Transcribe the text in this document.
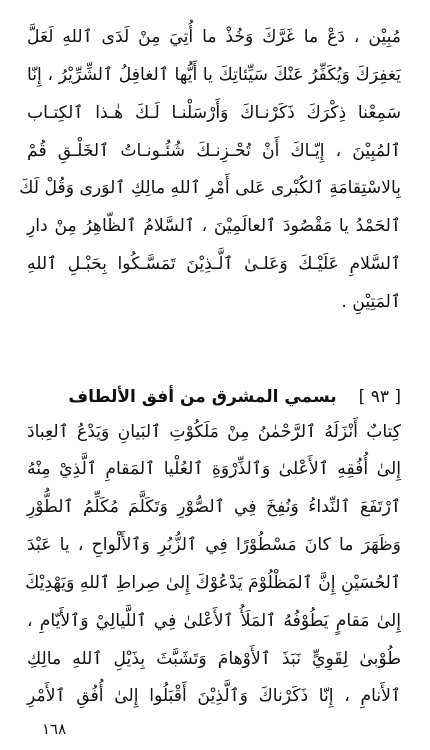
مُبِيْن ، دَعْ ما غَرَّكَ وَخُذْ ما أُتِيَ مِنْ لَدَى ٱللهِ لَعَلَّ
يَغفِرَكَ وَيُكَفِّرُ عَنْكَ سَيِّئاتِكَ يا أَيُّها ٱلغافِلُ ٱلشِّرِّيْرُ ، إِنّا
سَمِعْنا ذِكْرَكَ ذَكَرْنـاكَ وَأَرْسَلْنـا لَـكَ هٰـذا ٱلكِتـاب
ٱلمُبِيْنَ ، إِيّـاكَ أَنْ تُحْـزِنـكَ شُئُـونـاتُ ٱلخَلْـقِ قُمْ
بِالاسْتِقامَةِ ٱلكُبْرى عَلى أَمْرِ ٱللهِ مالِكِ ٱلوَرى وَقُلْ لَكَ
ٱلحَمْدُ يا مَقْصُودَ ٱلعالَمِيْنَ ، ٱلسَّلامُ ٱلظّاهِرُ مِنْ دارِ
ٱلسَّلامِ عَلَيْـكَ وَعَلـىٰ ٱلَّـذِيْنَ تَمَسَّـكُوا بِحَبْـلِ ٱللهِ
ٱلمَتِيْنِ .
[ ٩٣ ]بسمي المشرق من أفق الألطاف
كِتابٌ أَنْزَلَهُ ٱلرَّحْمٰنُ مِنْ مَلَكُوْتِ ٱلبَيانِ وَيَدْعُ ٱلعِبادَ
إِلىٰ أُفُقِهِ ٱلأَعْلىٰ وَٱلذِّرْوَةِ ٱلعُلْيا ٱلمَقامِ ٱلَّذِيْ مِنْهُ
ٱرْتَفَعَ ٱلنِّداءُ وَنُفِخَ فِي ٱلصُّوْرِ وَتَكَلَّمَ مُكَلِّمُ ٱلطُّوْرِ
وَظَهَرَ ما كانَ مَسْطُوْرًا فِي ٱلزُّبُرِ وَٱلأَلْواحِ ، يا عَبْدَ
ٱلحُسَيْنِ إِنَّ ٱلمَظْلُوْمَ يَدْعُوْكَ إِلىٰ صِراطِ ٱللهِ وَيَهْدِيْكَ
إِلىٰ مَقامٍ يَطُوْفُهُ ٱلمَلَأُ ٱلأَعْلىٰ فِي ٱللَّيالِيْ وَٱلأَيّامِ ،
طُوْبىٰ لِقَوِيٍّ نَبَذَ ٱلأَوْهامَ وَتَشَبَّثَ بِذَيْلِ ٱللهِ مالِكِ
ٱلأَنامِ ، إِنّا ذَكَرْناكَ وَٱلَّذِيْنَ أَقْبَلُوا إِلىٰ أُفُقِ ٱلأَمْرِ
١٦٨
